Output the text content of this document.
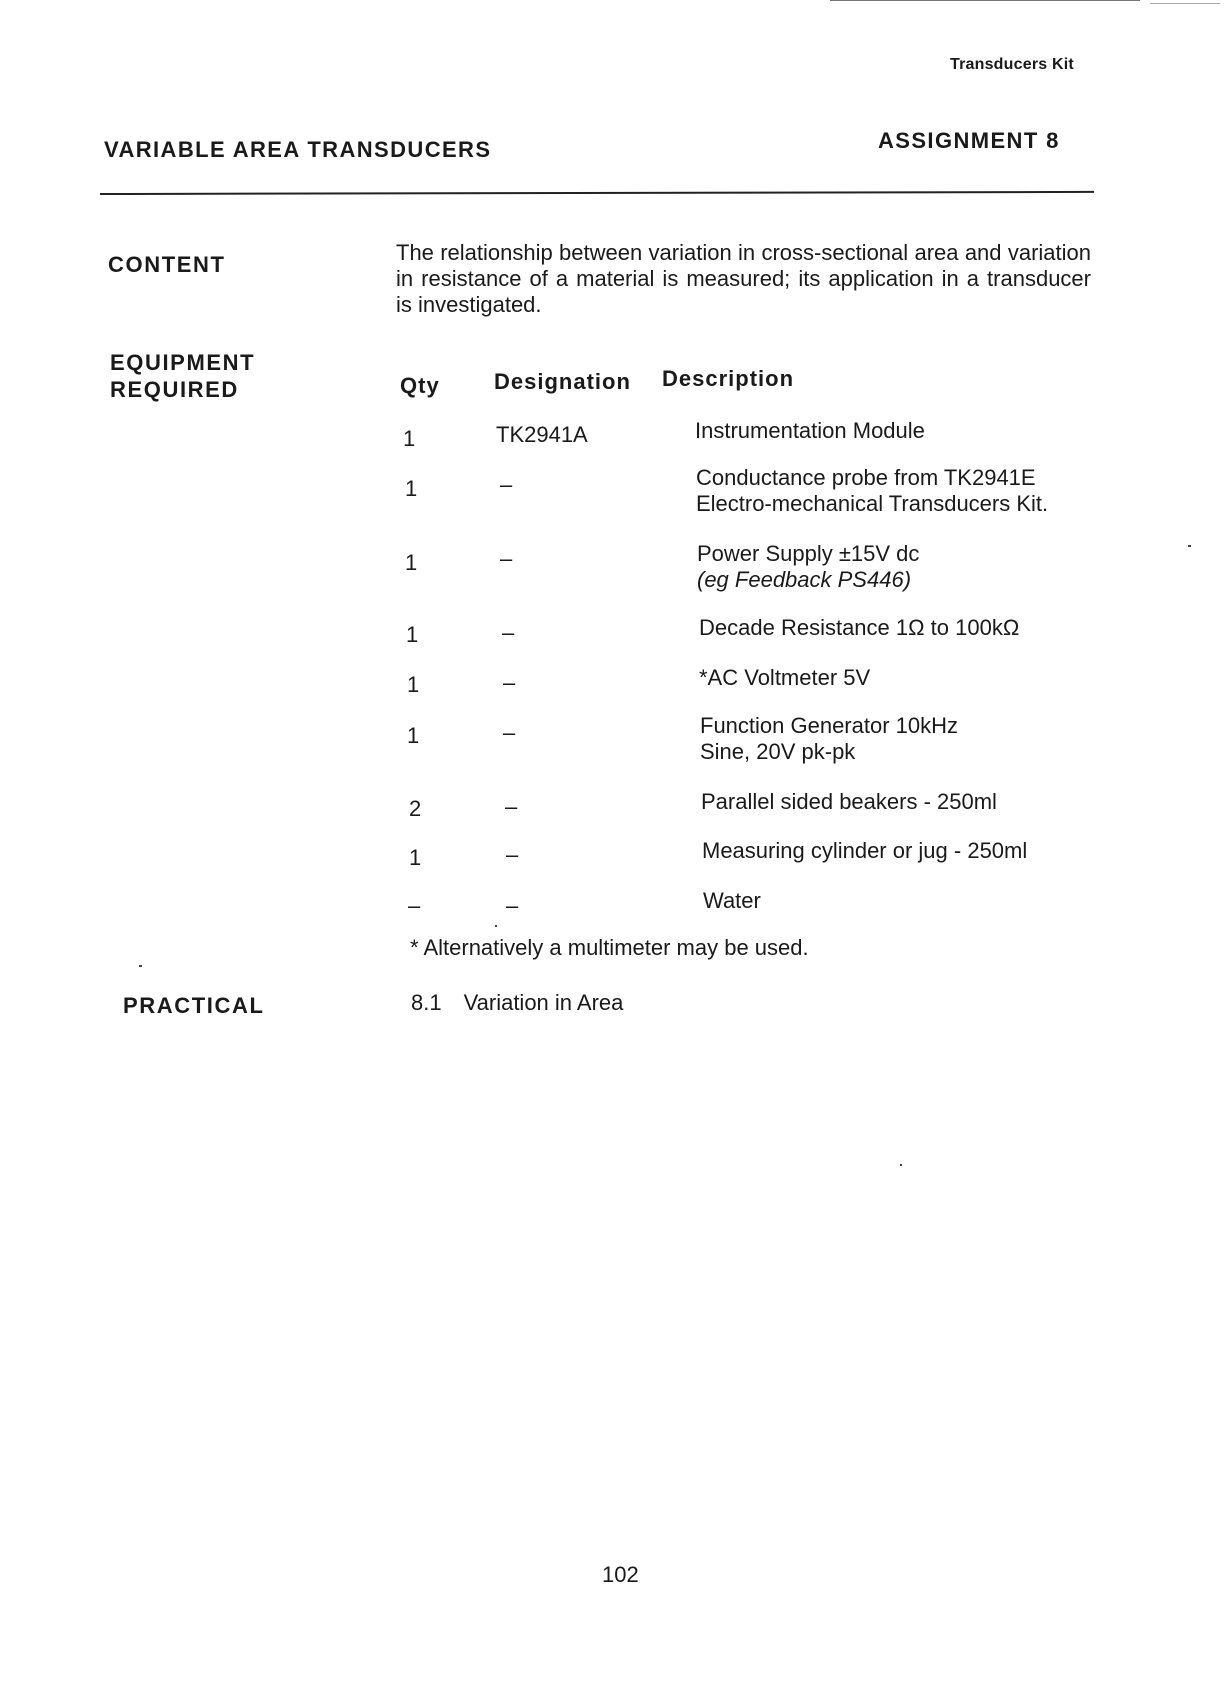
Transducers Kit
VARIABLE AREA TRANSDUCERS	ASSIGNMENT 8
CONTENT	The relationship between variation in cross-sectional area and variation in resistance of a material is measured; its application in a transducer is investigated.
EQUIPMENT
REQUIRED	Qty Designation Description
1	TK2941A	Instrumentation Module
1	–	Conductance probe from TK2941E
Electro-mechanical Transducers Kit.
1	–	Power Supply ±15V dc
(eg Feedback PS446)
1	–	Decade Resistance 1Ω to 100kΩ
1	–	*AC Voltmeter 5V
1	–	Function Generator 10kHz
Sine, 20V pk-pk
2	–	Parallel sided beakers - 250ml
1	–	Measuring cylinder or jug - 250ml
–	–	Water
* Alternatively a multimeter may be used.
PRACTICAL	8.1 Variation in Area
102
